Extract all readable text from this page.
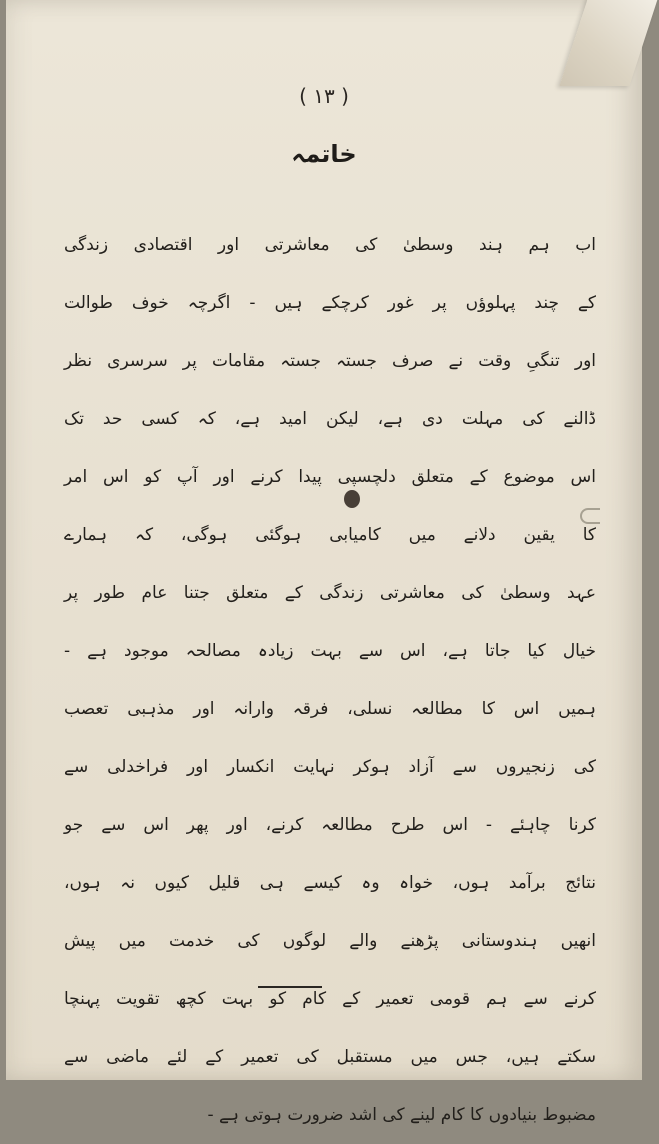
( ۱۳ )
خاتمہ
اب ہم ہند وسطیٰ کی معاشرتی اور اقتصادی زندگی
کے چند پہلوؤں پر غور کرچکے ہیں - اگرچہ خوف طوالت
اور تنگیِ وقت نے صرف جستہ جستہ مقامات پر سرسری نظر
ڈالنے کی مہلت دی ہے، لیکن امید ہے، کہ کسی حد تک
اس موضوع کے متعلق دلچسپی پیدا کرنے اور آپ کو اس امر
کا یقین دلانے میں کامیابی ہوگئی ہوگی، کہ ہمارے
عہد وسطیٰ کی معاشرتی زندگی کے متعلق جتنا عام طور پر
خیال کیا جاتا ہے، اس سے بہت زیادہ مصالحہ موجود ہے -
ہمیں اس کا مطالعہ نسلی، فرقہ وارانہ اور مذہبی تعصب
کی زنجیروں سے آزاد ہوکر نہایت انکسار اور فراخدلی سے
کرنا چاہئے - اس طرح مطالعہ کرنے، اور پھر اس سے جو
نتائج برآمد ہوں، خواہ وہ کیسے ہی قلیل کیوں نہ ہوں،
انھیں ہندوستانی پڑھنے والے لوگوں کی خدمت میں پیش
کرنے سے ہم قومی تعمیر کے کام کو بہت کچھ تقویت پہنچا
سکتے ہیں، جس میں مستقبل کی تعمیر کے لئے ماضی سے
مضبوط بنیادوں کا کام لینے کی اشد ضرورت ہوتی ہے -
